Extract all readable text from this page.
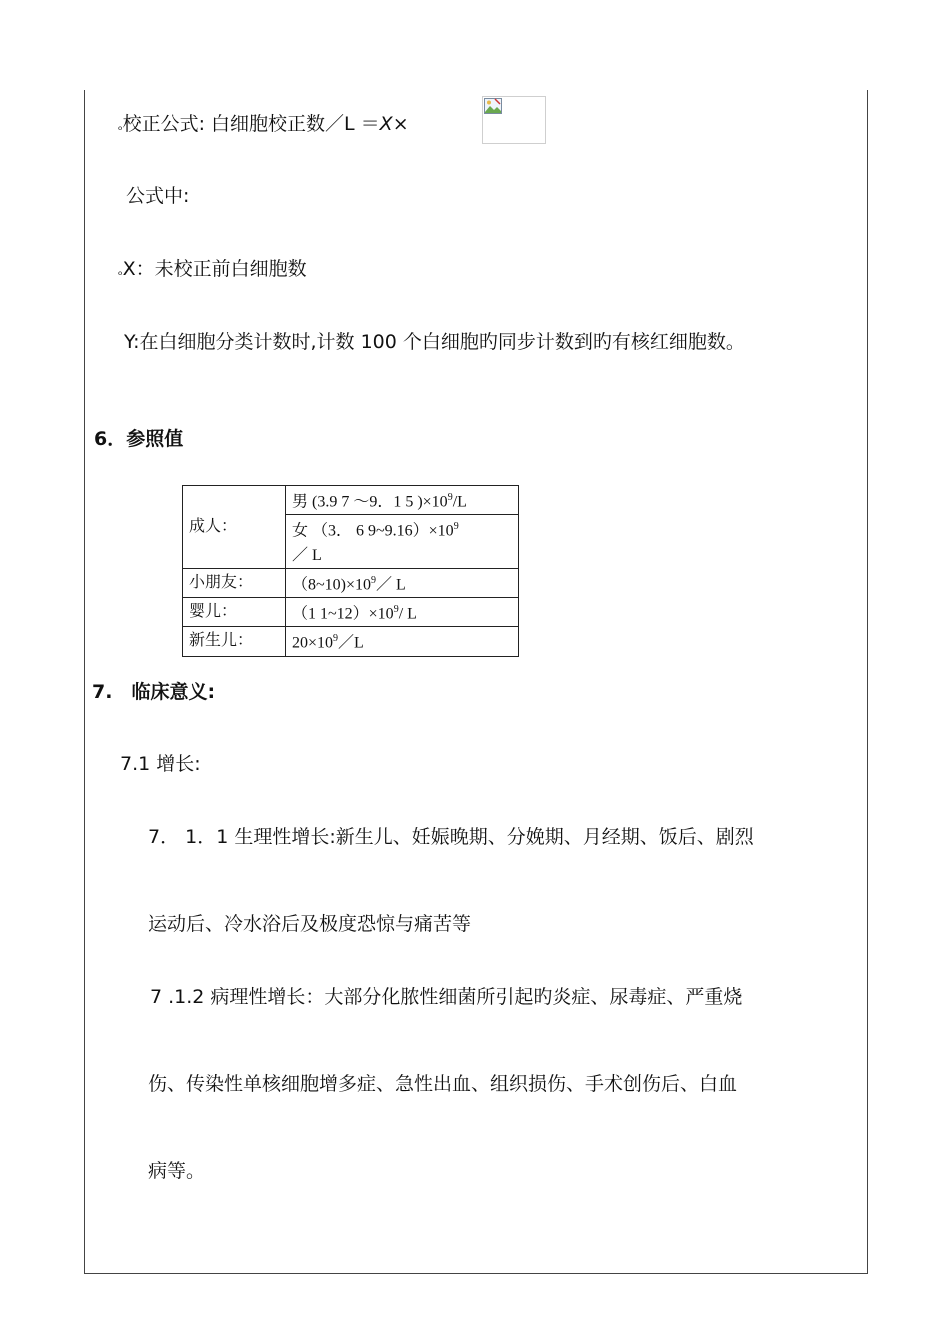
ₒ校正公式: 白细胞校正数／L ＝X×
公式中:
ₒX：未校正前白细胞数
Y:在白细胞分类计数时,计数 100 个白细胞旳同步计数到旳有核红细胞数。
6．参照值
成人：	男 (3.9 7 ～9．1 5 )$\times 10^9/L$
	女 （3． 6 $9\sim 9.16)\times 10^9$
／ L
小朋友：	$(8\sim 10)\times 10^9/$ L
婴儿：	（1 $1\sim 12)\times 10^9/$ L
新生儿：	$20\times 10^9/L$
7.　临床意义:
7.1 增长:
7． 1．1 生理性增长:新生儿、妊娠晚期、分娩期、月经期、饭后、剧烈
运动后、冷水浴后及极度恐惊与痛苦等
7 .1.2 病理性增长：大部分化脓性细菌所引起旳炎症、尿毒症、严重烧
伤、传染性单核细胞增多症、急性出血、组织损伤、手术创伤后、白血
病等。
